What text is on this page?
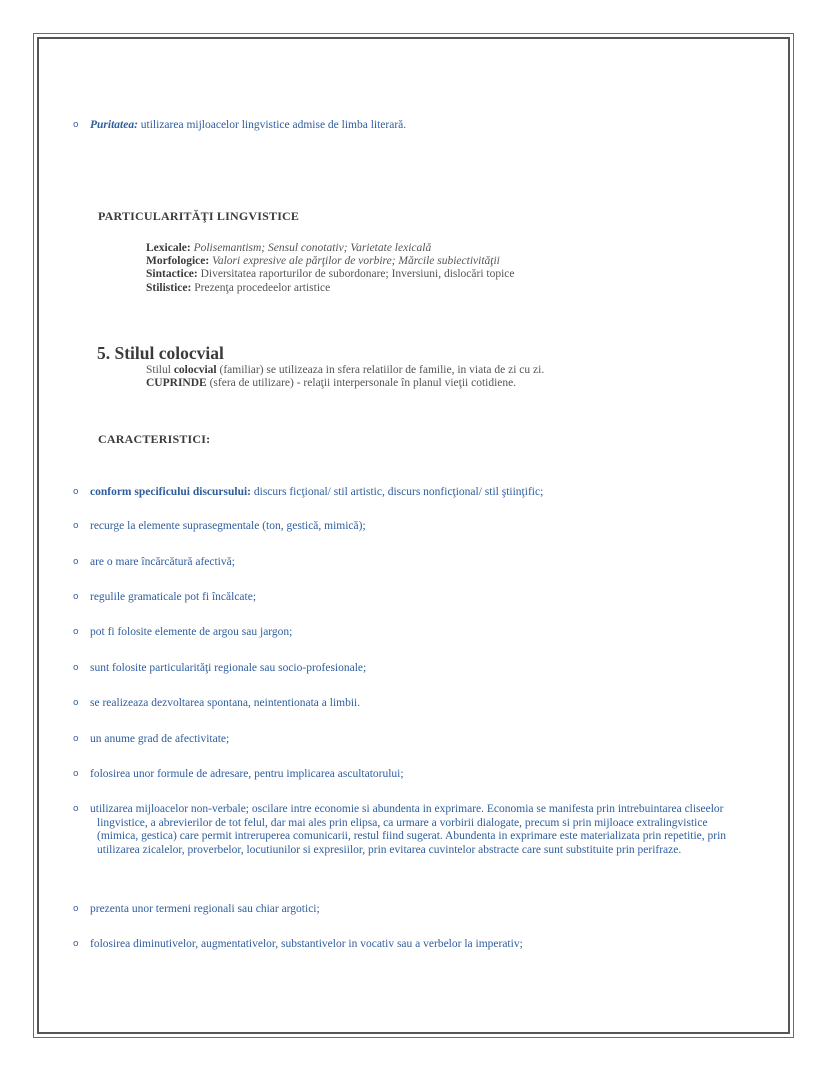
o Puritatea: utilizarea mijloacelor lingvistice admise de limba literară.
PARTICULARITĂŢI LINGVISTICE
Lexicale: Polisemantism; Sensul conotativ; Varietate lexicală
Morfologice: Valori expresive ale părţilor de vorbire; Mărcile subiectivităţii
Sintactice: Diversitatea raporturilor de subordonare; Inversiuni, dislocări topice
Stilistice: Prezenţa procedeelor artistice
5. Stilul colocvial
Stilul colocvial (familiar) se utilizeaza in sfera relatiilor de familie, in viata de zi cu zi.
CUPRINDE (sfera de utilizare) - relaţii interpersonale în planul vieţii cotidiene.
CARACTERISTICI:
o conform specificului discursului: discurs ficţional/ stil artistic, discurs nonficţional/ stil ştiinţific;
o recurge la elemente suprasegmentale (ton, gestică, mimică);
o are o mare încărcătură afectivă;
o regulile gramaticale pot fi încălcate;
o pot fi folosite elemente de argou sau jargon;
o sunt folosite particularităţi regionale sau socio-profesionale;
o se realizeaza dezvoltarea spontana, neintentionata a limbii.
o un anume grad de afectivitate;
o folosirea unor formule de adresare, pentru implicarea ascultatorului;
o utilizarea mijloacelor non-verbale; oscilare intre economie si abundenta in exprimare. Economia se manifesta prin intrebuintarea cliseelor lingvistice, a abrevierilor de tot felul, dar mai ales prin elipsa, ca urmare a vorbirii dialogate, precum si prin mijloace extralingvistice (mimica, gestica) care permit intreruperea comunicarii, restul fiind sugerat. Abundenta in exprimare este materializata prin repetitie, prin utilizarea zicalelor, proverbelor, locutiunilor si expresiilor, prin evitarea cuvintelor abstracte care sunt substituite prin perifraze.
o prezenta unor termeni regionali sau chiar argotici;
o folosirea diminutivelor, augmentativelor, substantivelor in vocativ sau a verbelor la imperativ;
